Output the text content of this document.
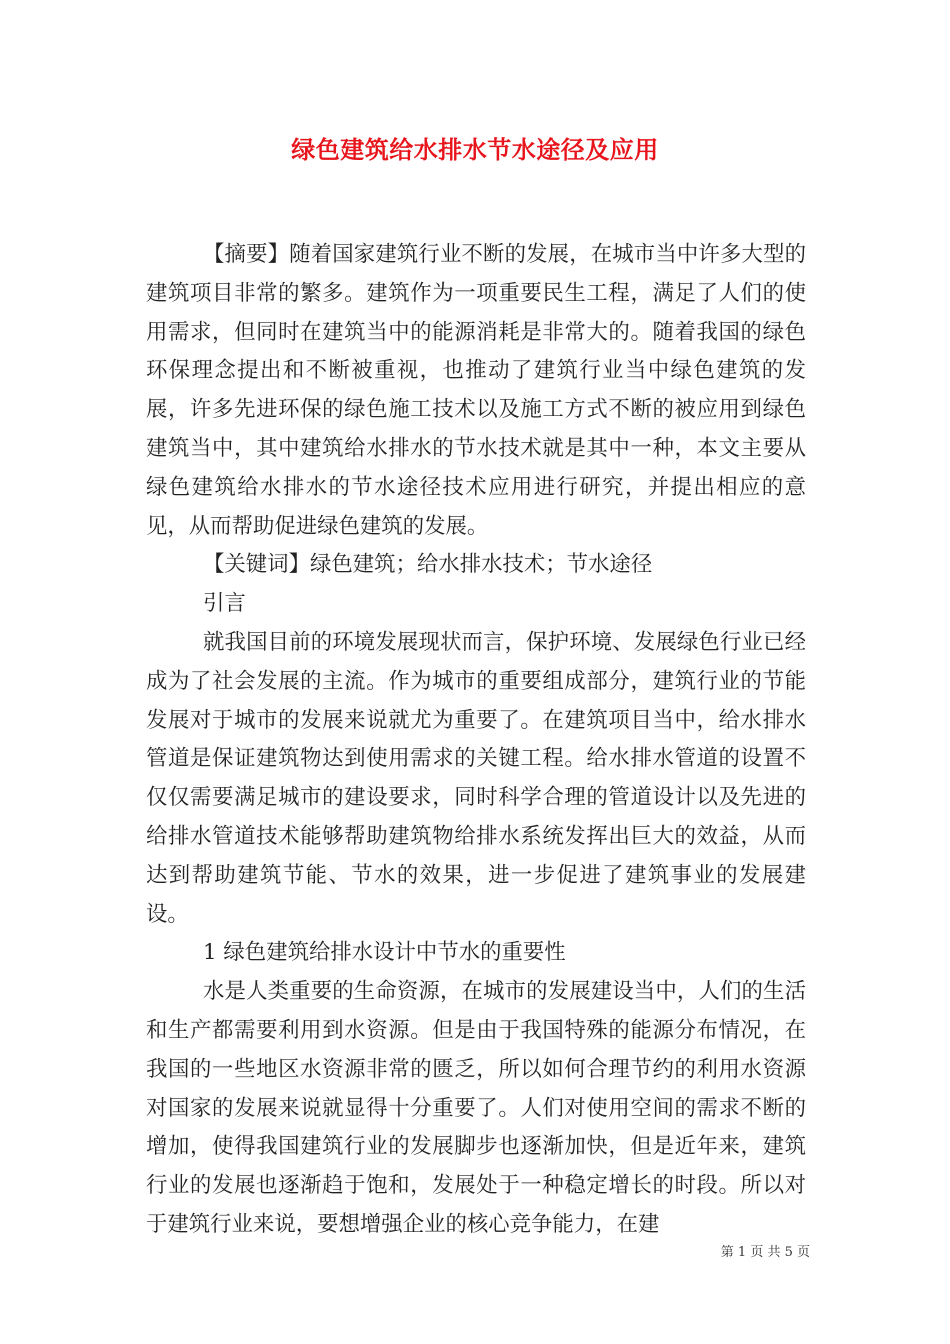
绿色建筑给水排水节水途径及应用

【摘要】随着国家建筑行业不断的发展，在城市当中许多大型的建筑项目非常的繁多。建筑作为一项重要民生工程，满足了人们的使用需求，但同时在建筑当中的能源消耗是非常大的。随着我国的绿色环保理念提出和不断被重视，也推动了建筑行业当中绿色建筑的发展，许多先进环保的绿色施工技术以及施工方式不断的被应用到绿色建筑当中，其中建筑给水排水的节水技术就是其中一种，本文主要从绿色建筑给水排水的节水途径技术应用进行研究，并提出相应的意见，从而帮助促进绿色建筑的发展。

【关键词】绿色建筑；给水排水技术；节水途径

引言

就我国目前的环境发展现状而言，保护环境、发展绿色行业已经成为了社会发展的主流。作为城市的重要组成部分，建筑行业的节能发展对于城市的发展来说就尤为重要了。在建筑项目当中，给水排水管道是保证建筑物达到使用需求的关键工程。给水排水管道的设置不仅仅需要满足城市的建设要求，同时科学合理的管道设计以及先进的给排水管道技术能够帮助建筑物给排水系统发挥出巨大的效益，从而达到帮助建筑节能、节水的效果，进一步促进了建筑事业的发展建设。

1 绿色建筑给排水设计中节水的重要性

水是人类重要的生命资源，在城市的发展建设当中，人们的生活和生产都需要利用到水资源。但是由于我国特殊的能源分布情况，在我国的一些地区水资源非常的匮乏，所以如何合理节约的利用水资源对国家的发展来说就显得十分重要了。人们对使用空间的需求不断的增加，使得我国建筑行业的发展脚步也逐渐加快，但是近年来，建筑行业的发展也逐渐趋于饱和，发展处于一种稳定增长的时段。所以对于建筑行业来说，要想增强企业的核心竞争能力，在建

第 1 页 共 5 页
